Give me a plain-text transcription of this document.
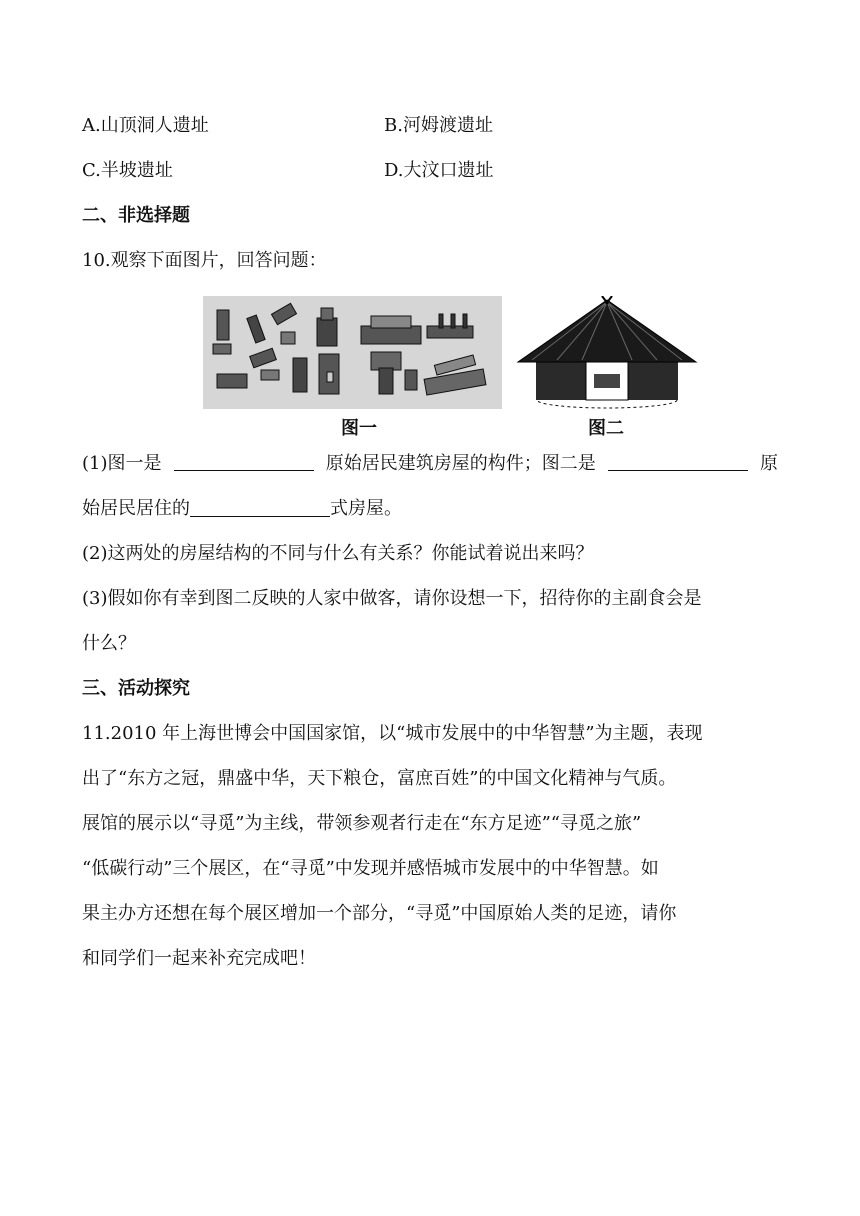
A.山顶洞人遗址	B.河姆渡遗址
C.半坡遗址	D.大汶口遗址
二、非选择题
10.观察下面图片，回答问题：
图一	图二
(1)图一是	原始居民建筑房屋的构件；图二是	原
始居民居住的	式房屋。
(2)这两处的房屋结构的不同与什么有关系？你能试着说出来吗？
(3)假如你有幸到图二反映的人家中做客，请你设想一下，招待你的主副食会是
什么？
三、活动探究
11.2010 年上海世博会中国国家馆，以“城市发展中的中华智慧”为主题，表现
出了“东方之冠，鼎盛中华，天下粮仓，富庶百姓”的中国文化精神与气质。
展馆的展示以“寻觅”为主线，带领参观者行走在“东方足迹”“寻觅之旅”
“低碳行动”三个展区，在“寻觅”中发现并感悟城市发展中的中华智慧。如
果主办方还想在每个展区增加一个部分，“寻觅”中国原始人类的足迹，请你
和同学们一起来补充完成吧！
